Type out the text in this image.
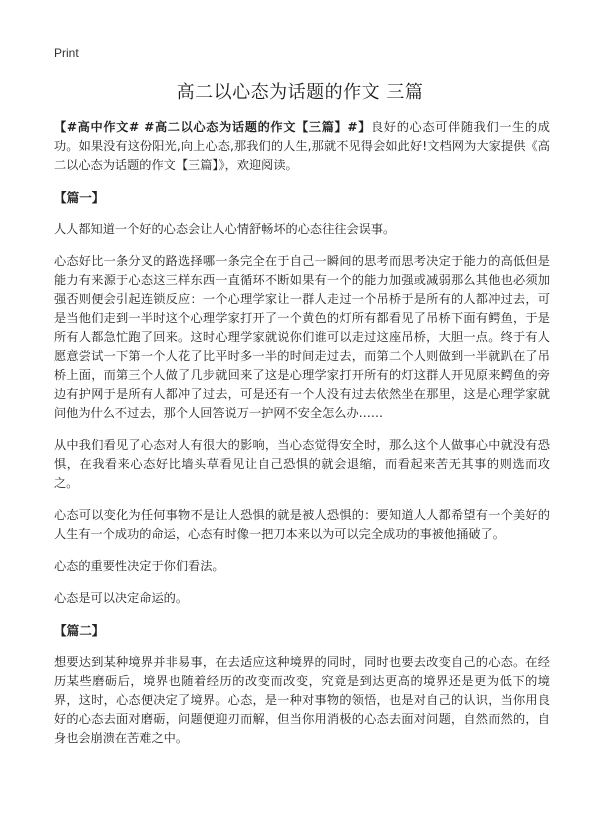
Print
高二以心态为话题的作文 三篇

【#高中作文# #高二以心态为话题的作文【三篇】#】良好的心态可伴随我们一生的成功。如果没有这份阳光,向上心态,那我们的人生,那就不见得会如此好!文档网为大家提供《高二以心态为话题的作文【三篇】》，欢迎阅读。

【篇一】

人人都知道一个好的心态会让人心情舒畅坏的心态往往会误事。

心态好比一条分叉的路选择哪一条完全在于自己一瞬间的思考而思考决定于能力的高低但是能力有来源于心态这三样东西一直循环不断如果有一个的能力加强或减弱那么其他也必须加强否则便会引起连锁反应：一个心理学家让一群人走过一个吊桥于是所有的人都冲过去，可是当他们走到一半时这个心理学家打开了一个黄色的灯所有都看见了吊桥下面有鳄鱼，于是所有人都急忙跑了回来。这时心理学家就说你们谁可以走过这座吊桥，大胆一点。终于有人愿意尝试一下第一个人花了比平时多一半的时间走过去，而第二个人则做到一半就趴在了吊桥上面，而第三个人做了几步就回来了这是心理学家打开所有的灯这群人开见原来鳄鱼的旁边有护网于是所有人都冲了过去，可是还有一个人没有过去依然坐在那里，这是心理学家就问他为什么不过去，那个人回答说万一护网不安全怎么办……

从中我们看见了心态对人有很大的影响，当心态觉得安全时，那么这个人做事心中就没有恐惧，在我看来心态好比墙头草看见让自己恐惧的就会退缩，而看起来苦无其事的则选而攻之。

心态可以变化为任何事物不是让人恐惧的就是被人恐惧的：要知道人人都希望有一个美好的人生有一个成功的命运，心态有时像一把刀本来以为可以完全成功的事被他捅破了。

心态的重要性决定于你们看法。

心态是可以决定命运的。

【篇二】

想要达到某种境界并非易事，在去适应这种境界的同时，同时也要去改变自己的心态。在经历某些磨砺后，境界也随着经历的改变而改变，究竟是到达更高的境界还是更为低下的境界，这时，心态便决定了境界。心态，是一种对事物的领悟，也是对自己的认识，当你用良好的心态去面对磨砺，问题便迎刃而解，但当你用消极的心态去面对问题，自然而然的，自身也会崩溃在苦难之中。
